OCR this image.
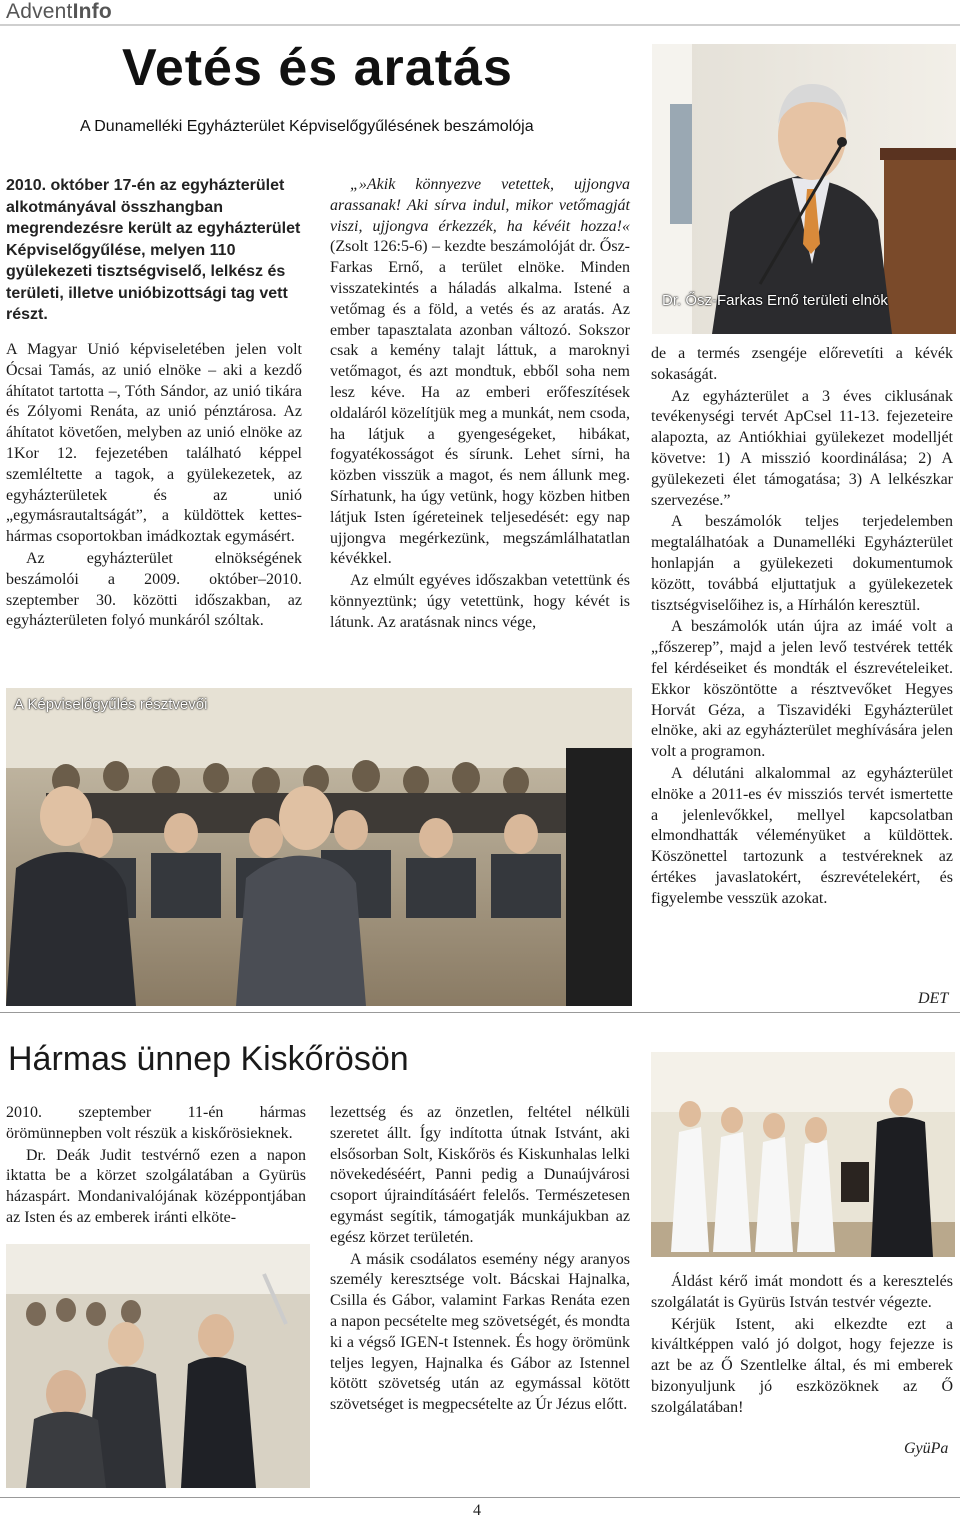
AdventInfo
Vetés és aratás
A Dunamelléki Egyházterület Képviselőgyűlésének beszámolója
2010. október 17-én az egyházterület alkotmányával összhangban megrendezésre került az egyházterület Képviselőgyűlése, melyen 110 gyülekezeti tisztségviselő, lelkész és területi, illetve unióbizottsági tag vett részt.

A Magyar Unió képviseletében jelen volt Ócsai Tamás, az unió elnöke – aki a kezdő áhítatot tartotta –, Tóth Sándor, az unió tikára és Zólyomi Renáta, az unió pénztárosa. Az áhítatot követően, melyben az unió elnöke az 1Kor 12. fejezetében található képpel szemléltette a tagok, a gyülekezetek, az egyházterületek és az unió „egymásrautaltságát”, a küldöttek kettes-hármas csoportokban imádkoztak egymásért.

Az egyházterület elnökségének beszámolói a 2009. október–2010. szeptember 30. közötti időszakban, az egyházterületen folyó munkáról szóltak.

„»Akik könnyezve vetettek, ujjongva arassanak! Aki sírva indul, mikor vetőmagját viszi, ujjongva érkezzék, ha kévéit hozza!« (Zsolt 126:5-6) – kezdte beszámolóját dr. Ősz-Farkas Ernő, a terület elnöke. Minden visszatekintés a háladás alkalma. Istené a vetőmag és a föld, a vetés és az aratás. Az ember tapasztalata azonban változó. Sokszor csak a kemény talajt láttuk, a maroknyi vetőmagot, és azt mondtuk, ebből soha nem lesz kéve. Ha az emberi erőfeszítések oldaláról közelítjük meg a munkát, nem csoda, ha látjuk a gyengeségeket, hibákat, fogyatékosságot és sírunk. Lehet sírni, ha közben visszük a magot, és nem állunk meg. Sírhatunk, ha úgy vetünk, hogy közben hitben látjuk Isten ígéreteinek teljesedését: egy nap ujjongva megérkezünk, megszámlálhatatlan kévékkel.

Az elmúlt egyéves időszakban vetettünk és könnyeztünk; úgy vetettünk, hogy kévét is látunk. Az aratásnak nincs vége,

Dr. Ősz-Farkas Ernő területi elnök

de a termés zsengéje előrevetíti a kévék sokaságát.

Az egyházterület a 3 éves ciklusának tevékenységi tervét ApCsel 11-13. fejezeteire alapozta, az Antiókhiai gyülekezet modelljét követve: 1) A misszió koordinálása; 2) A gyülekezeti élet támogatása; 3) A lelkészkar szervezése.”

A beszámolók teljes terjedelemben megtalálhatóak a Dunamelléki Egyházterület honlapján a gyülekezeti dokumentumok között, továbbá eljuttatjuk a gyülekezetek tisztségviselőihez is, a Hírhálón keresztül.

A beszámolók után újra az imáé volt a „főszerep”, majd a jelen levő testvérek tették fel kérdéseiket és mondták el észrevételeiket. Ekkor köszöntötte a résztvevőket Hegyes Horvát Géza, a Tiszavidéki Egyházterület elnöke, aki az egyházterület meghívására jelen volt a programon.

A délutáni alkalommal az egyházterület elnöke a 2011-es év missziós tervét ismertette a jelenlevőkkel, mellyel kapcsolatban elmondhatták véleményüket a küldöttek. Köszönettel tartozunk a testvéreknek az értékes javaslatokért, észrevételekért, és figyelembe vesszük azokat.

A Képviselőgyűlés résztvevői
DET
Hármas ünnep Kiskőrösön

2010. szeptember 11-én hármas örömünnepben volt részük a kiskőrösieknek.

Dr. Deák Judit testvérnő ezen a napon iktatta be a körzet szolgálatában a Gyürüs házaspárt. Mondanivalójának középpontjában az Isten és az emberek iránti elköte-

lezettség és az önzetlen, feltétel nélküli szeretet állt. Így indította útnak Istvánt, aki elsősorban Solt, Kiskőrös és Kiskunhalas lelki növekedéséért, Panni pedig a Dunaújvárosi csoport újraindításáért felelős. Természetesen egymást segítik, támogatják munkájukban az egész körzet területén.

A másik csodálatos esemény négy aranyos személy keresztsége volt. Bácskai Hajnalka, Csilla és Gábor, valamint Farkas Renáta ezen a napon pecsételte meg szövetségét, és mondta ki a végső IGEN-t Istennek. És hogy örömünk teljes legyen, Hajnalka és Gábor az Istennel kötött szövetség után az egymással kötött szövetséget is megpecsételte az Úr Jézus előtt.

Áldást kérő imát mondott és a keresztelés szolgálatát is Gyürüs István testvér végezte.

Kérjük Istent, aki elkezdte ezt a kiváltképpen való jó dolgot, hogy fejezze is azt be az Ő Szentlelke által, és mi emberek bizonyuljunk jó eszközöknek az Ő szolgálatában!

GyüPa
4
